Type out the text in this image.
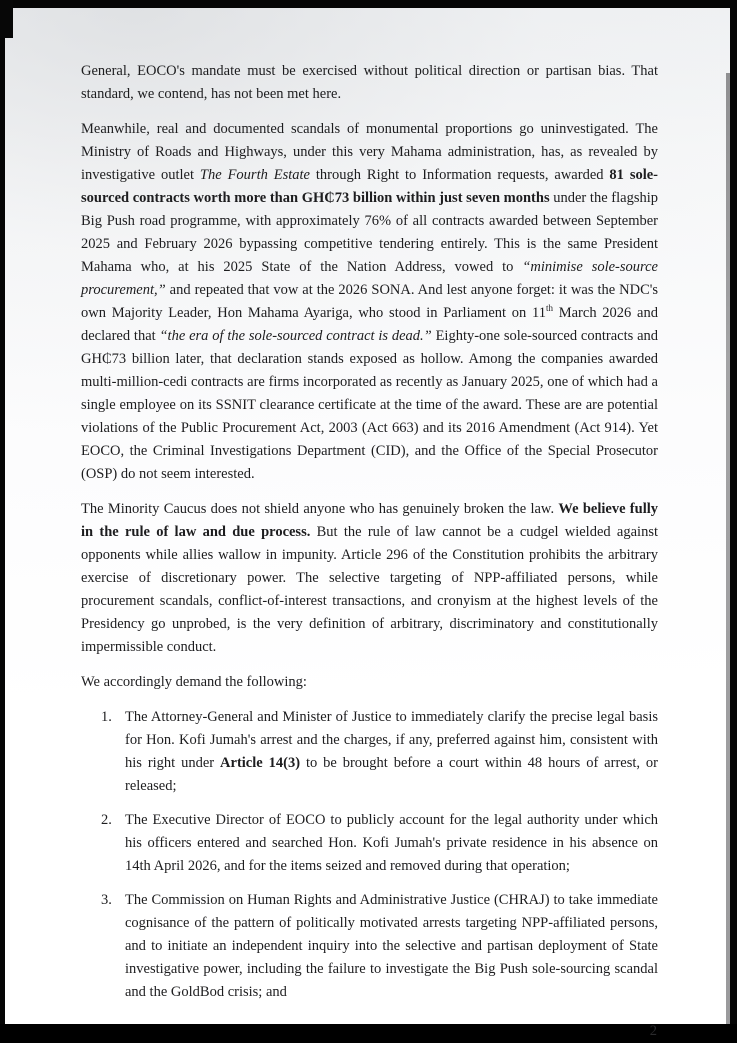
General, EOCO's mandate must be exercised without political direction or partisan bias. That standard, we contend, has not been met here.

Meanwhile, real and documented scandals of monumental proportions go uninvestigated. The Ministry of Roads and Highways, under this very Mahama administration, has, as revealed by investigative outlet The Fourth Estate through Right to Information requests, awarded 81 sole-sourced contracts worth more than GH₵73 billion within just seven months under the flagship Big Push road programme, with approximately 76% of all contracts awarded between September 2025 and February 2026 bypassing competitive tendering entirely. This is the same President Mahama who, at his 2025 State of the Nation Address, vowed to “minimise sole-source procurement,” and repeated that vow at the 2026 SONA. And lest anyone forget: it was the NDC's own Majority Leader, Hon Mahama Ayariga, who stood in Parliament on 11th March 2026 and declared that “the era of the sole-sourced contract is dead.” Eighty-one sole-sourced contracts and GH₵73 billion later, that declaration stands exposed as hollow. Among the companies awarded multi-million-cedi contracts are firms incorporated as recently as January 2025, one of which had a single employee on its SSNIT clearance certificate at the time of the award. These are are potential violations of the Public Procurement Act, 2003 (Act 663) and its 2016 Amendment (Act 914). Yet EOCO, the Criminal Investigations Department (CID), and the Office of the Special Prosecutor (OSP) do not seem interested.

The Minority Caucus does not shield anyone who has genuinely broken the law. We believe fully in the rule of law and due process. But the rule of law cannot be a cudgel wielded against opponents while allies wallow in impunity. Article 296 of the Constitution prohibits the arbitrary exercise of discretionary power. The selective targeting of NPP-affiliated persons, while procurement scandals, conflict-of-interest transactions, and cronyism at the highest levels of the Presidency go unprobed, is the very definition of arbitrary, discriminatory and constitutionally impermissible conduct.

We accordingly demand the following:

1. The Attorney-General and Minister of Justice to immediately clarify the precise legal basis for Hon. Kofi Jumah's arrest and the charges, if any, preferred against him, consistent with his right under Article 14(3) to be brought before a court within 48 hours of arrest, or released;
2. The Executive Director of EOCO to publicly account for the legal authority under which his officers entered and searched Hon. Kofi Jumah's private residence in his absence on 14th April 2026, and for the items seized and removed during that operation;
3. The Commission on Human Rights and Administrative Justice (CHRAJ) to take immediate cognisance of the pattern of politically motivated arrests targeting NPP-affiliated persons, and to initiate an independent inquiry into the selective and partisan deployment of State investigative power, including the failure to investigate the Big Push sole-sourcing scandal and the GoldBod crisis; and
2
